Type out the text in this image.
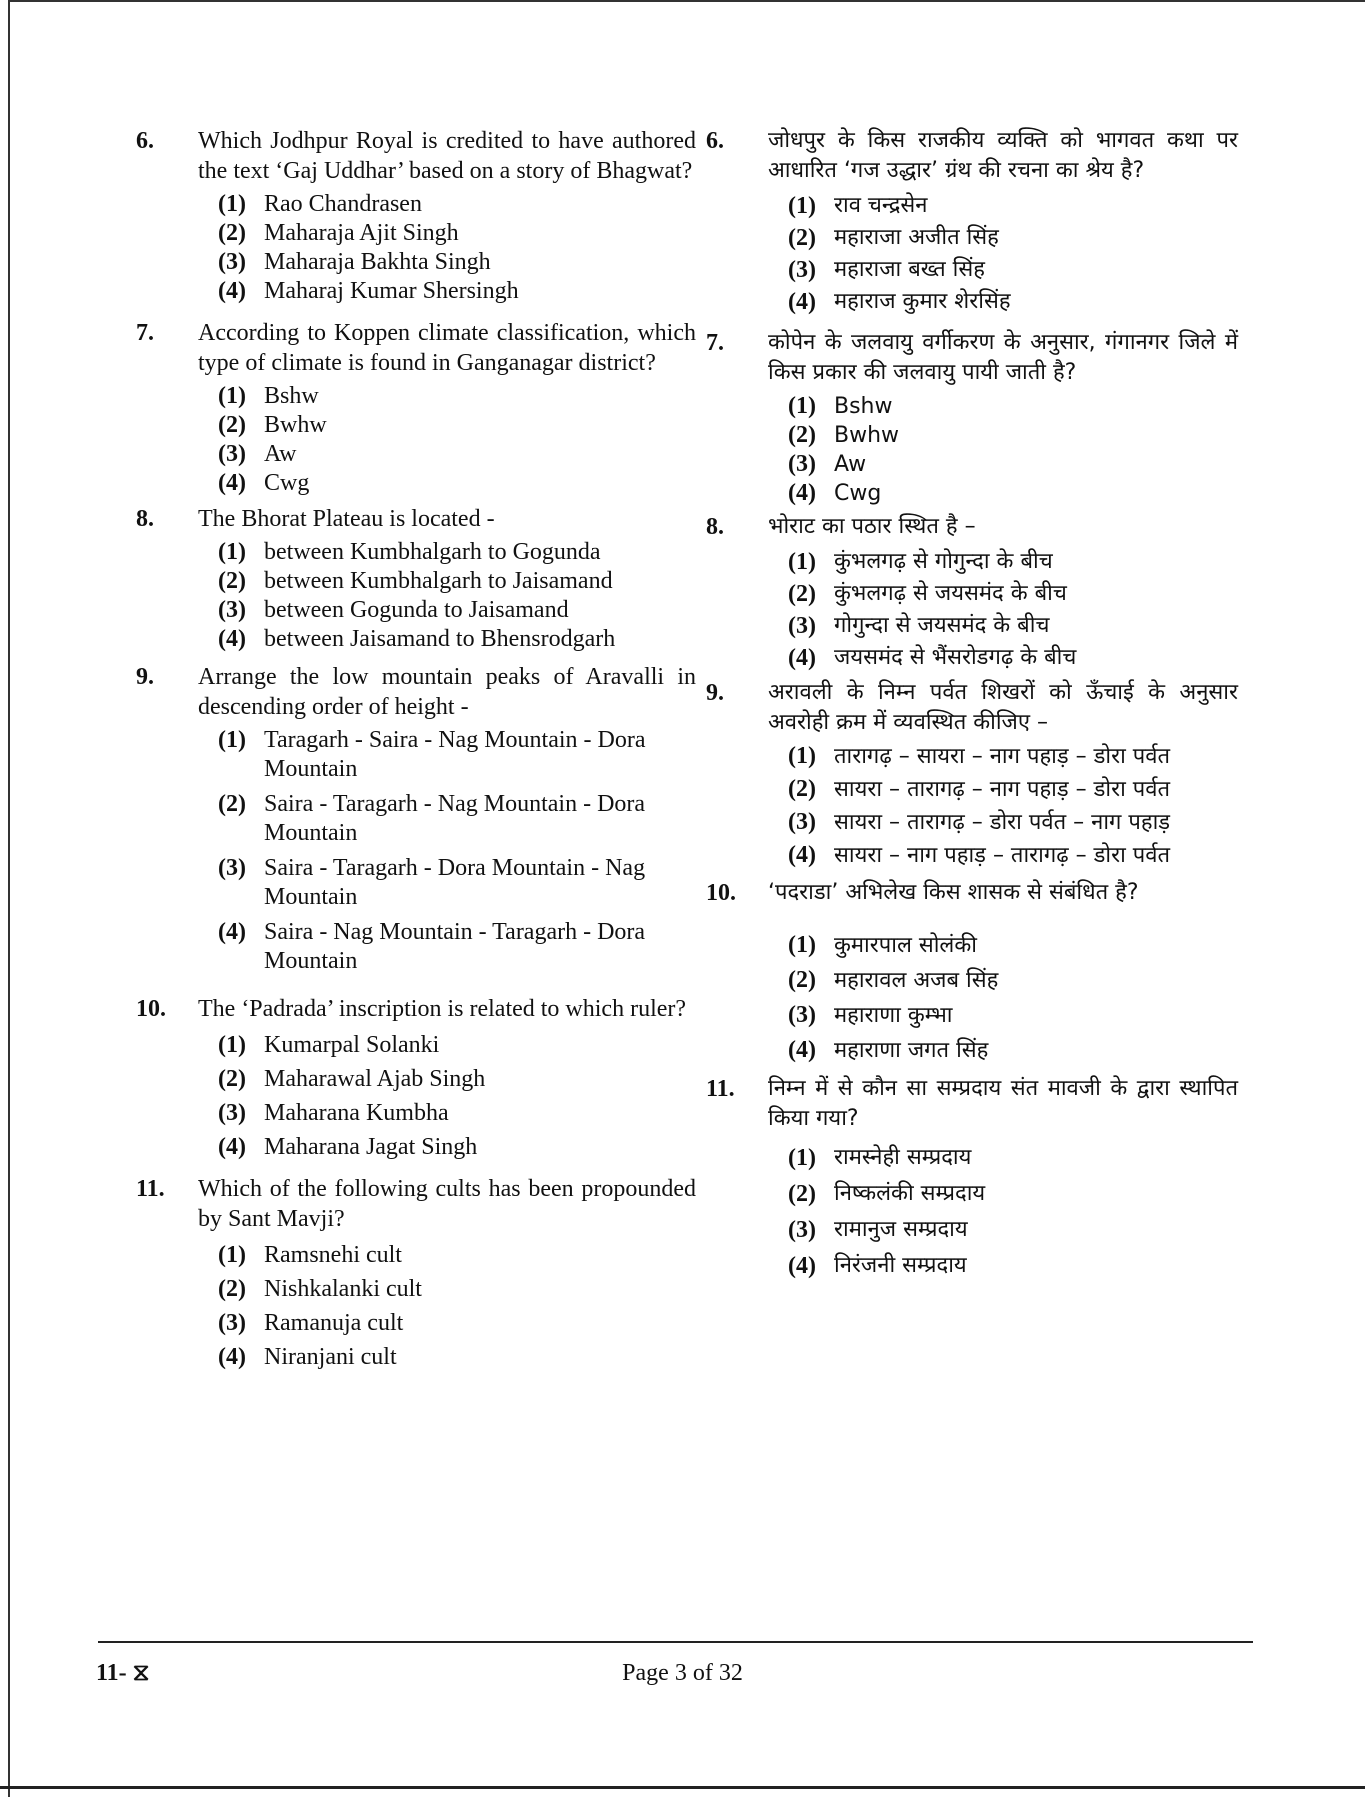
6. Which Jodhpur Royal is credited to have authored the text ‘Gaj Uddhar’ based on a story of Bhagwat?
(1) Rao Chandrasen
(2) Maharaja Ajit Singh
(3) Maharaja Bakhta Singh
(4) Maharaj Kumar Shersingh
7. According to Koppen climate classification, which type of climate is found in Ganganagar district?
(1) Bshw
(2) Bwhw
(3) Aw
(4) Cwg
8. The Bhorat Plateau is located -
(1) between Kumbhalgarh to Gogunda
(2) between Kumbhalgarh to Jaisamand
(3) between Gogunda to Jaisamand
(4) between Jaisamand to Bhensrodgarh
9. Arrange the low mountain peaks of Aravalli in descending order of height -
(1) Taragarh - Saira - Nag Mountain - Dora Mountain
(2) Saira - Taragarh - Nag Mountain - Dora Mountain
(3) Saira - Taragarh - Dora Mountain - Nag Mountain
(4) Saira - Nag Mountain - Taragarh - Dora Mountain
10. The ‘Padrada’ inscription is related to which ruler?
(1) Kumarpal Solanki
(2) Maharawal Ajab Singh
(3) Maharana Kumbha
(4) Maharana Jagat Singh
11. Which of the following cults has been propounded by Sant Mavji?
(1) Ramsnehi cult
(2) Nishkalanki cult
(3) Ramanuja cult
(4) Niranjani cult
6. जोधपुर के किस राजकीय व्यक्ति को भागवत कथा पर आधारित ‘गज उद्धार’ ग्रंथ की रचना का श्रेय है?
(1) राव चन्द्रसेन
(2) महाराजा अजीत सिंह
(3) महाराजा बख्त सिंह
(4) महाराज कुमार शेरसिंह
7. कोपेन के जलवायु वर्गीकरण के अनुसार, गंगानगर जिले में किस प्रकार की जलवायु पायी जाती है?
(1) Bshw
(2) Bwhw
(3) Aw
(4) Cwg
8. भोराट का पठार स्थित है –
(1) कुंभलगढ़ से गोगुन्दा के बीच
(2) कुंभलगढ़ से जयसमंद के बीच
(3) गोगुन्दा से जयसमंद के बीच
(4) जयसमंद से भैंसरोडगढ़ के बीच
9. अरावली के निम्न पर्वत शिखरों को ऊँचाई के अनुसार अवरोही क्रम में व्यवस्थित कीजिए –
(1) तारागढ़ – सायरा – नाग पहाड़ – डोरा पर्वत
(2) सायरा – तारागढ़ – नाग पहाड़ – डोरा पर्वत
(3) सायरा – तारागढ़ – डोरा पर्वत – नाग पहाड़
(4) सायरा – नाग पहाड़ – तारागढ़ – डोरा पर्वत
10. ‘पदराडा’ अभिलेख किस शासक से संबंधित है?
(1) कुमारपाल सोलंकी
(2) महारावल अजब सिंह
(3) महाराणा कुम्भा
(4) महाराणा जगत सिंह
11. निम्न में से कौन सा सम्प्रदाय संत मावजी के द्वारा स्थापित किया गया?
(1) रामस्नेही सम्प्रदाय
(2) निष्कलंकी सम्प्रदाय
(3) रामानुज सम्प्रदाय
(4) निरंजनी सम्प्रदाय
11- ⧖	Page 3 of 32
